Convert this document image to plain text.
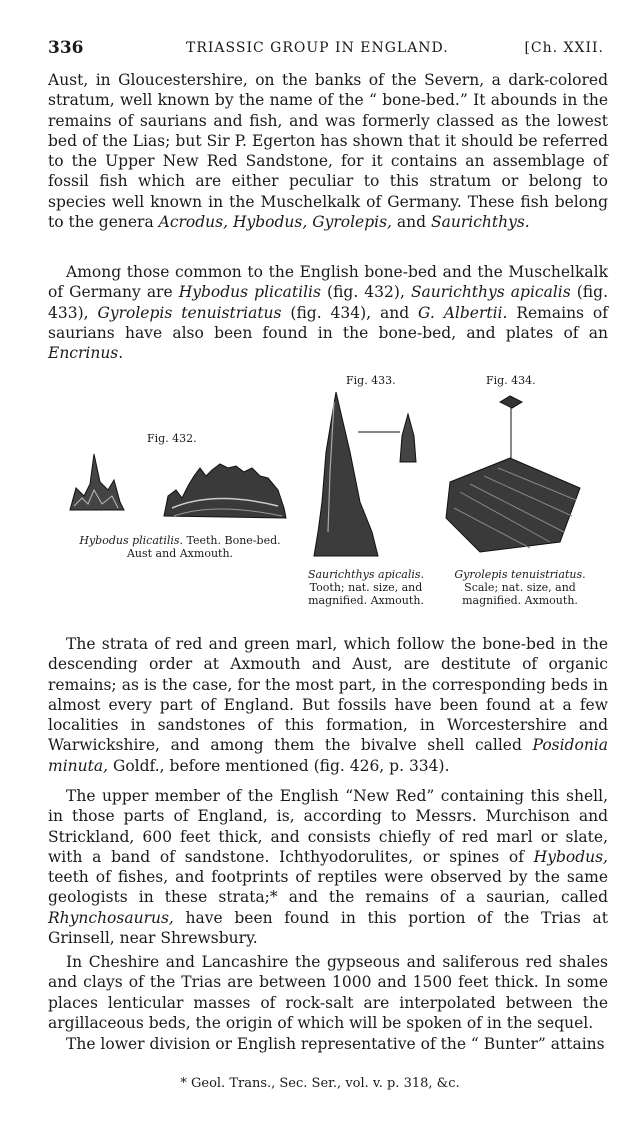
336	TRIASSIC GROUP IN ENGLAND.	[Ch. XXII.
Aust, in Gloucestershire, on the banks of the Severn, a dark-colored stratum, well known by the name of the “ bone-bed.” It abounds in the remains of saurians and fish, and was formerly classed as the lowest bed of the Lias; but Sir P. Egerton has shown that it should be referred to the Upper New Red Sandstone, for it contains an assemblage of fossil fish which are either peculiar to this stratum or belong to species well known in the Muschelkalk of Germany. These fish belong to the genera Acrodus, Hybodus, Gyrolepis, and Saurichthys.
Among those common to the English bone-bed and the Muschelkalk of Germany are Hybodus plicatilis (fig. 432), Saurichthys apicalis (fig. 433), Gyrolepis tenuistriatus (fig. 434), and G. Albertii. Remains of saurians have also been found in the bone-bed, and plates of an Encrinus.
Fig. 432.
Hybodus plicatilis. Teeth. Bone-bed.
Aust and Axmouth.
Fig. 433.
Saurichthys apicalis.
Tooth; nat. size, and
magnified. Axmouth.
Fig. 434.
Gyrolepis tenuistriatus.
Scale; nat. size, and
magnified. Axmouth.
The strata of red and green marl, which follow the bone-bed in the descending order at Axmouth and Aust, are destitute of organic remains; as is the case, for the most part, in the corresponding beds in almost every part of England. But fossils have been found at a few localities in sandstones of this formation, in Worcestershire and Warwickshire, and among them the bivalve shell called Posidonia minuta, Goldf., before mentioned (fig. 426, p. 334).
The upper member of the English “New Red” containing this shell, in those parts of England, is, according to Messrs. Murchison and Strickland, 600 feet thick, and consists chiefly of red marl or slate, with a band of sandstone. Ichthyodorulites, or spines of Hybodus, teeth of fishes, and footprints of reptiles were observed by the same geologists in these strata;* and the remains of a saurian, called Rhynchosaurus, have been found in this portion of the Trias at Grinsell, near Shrewsbury.
In Cheshire and Lancashire the gypseous and saliferous red shales and clays of the Trias are between 1000 and 1500 feet thick. In some places lenticular masses of rock-salt are interpolated between the argillaceous beds, the origin of which will be spoken of in the sequel.
The lower division or English representative of the “ Bunter” attains
* Geol. Trans., Sec. Ser., vol. v. p. 318, &c.
